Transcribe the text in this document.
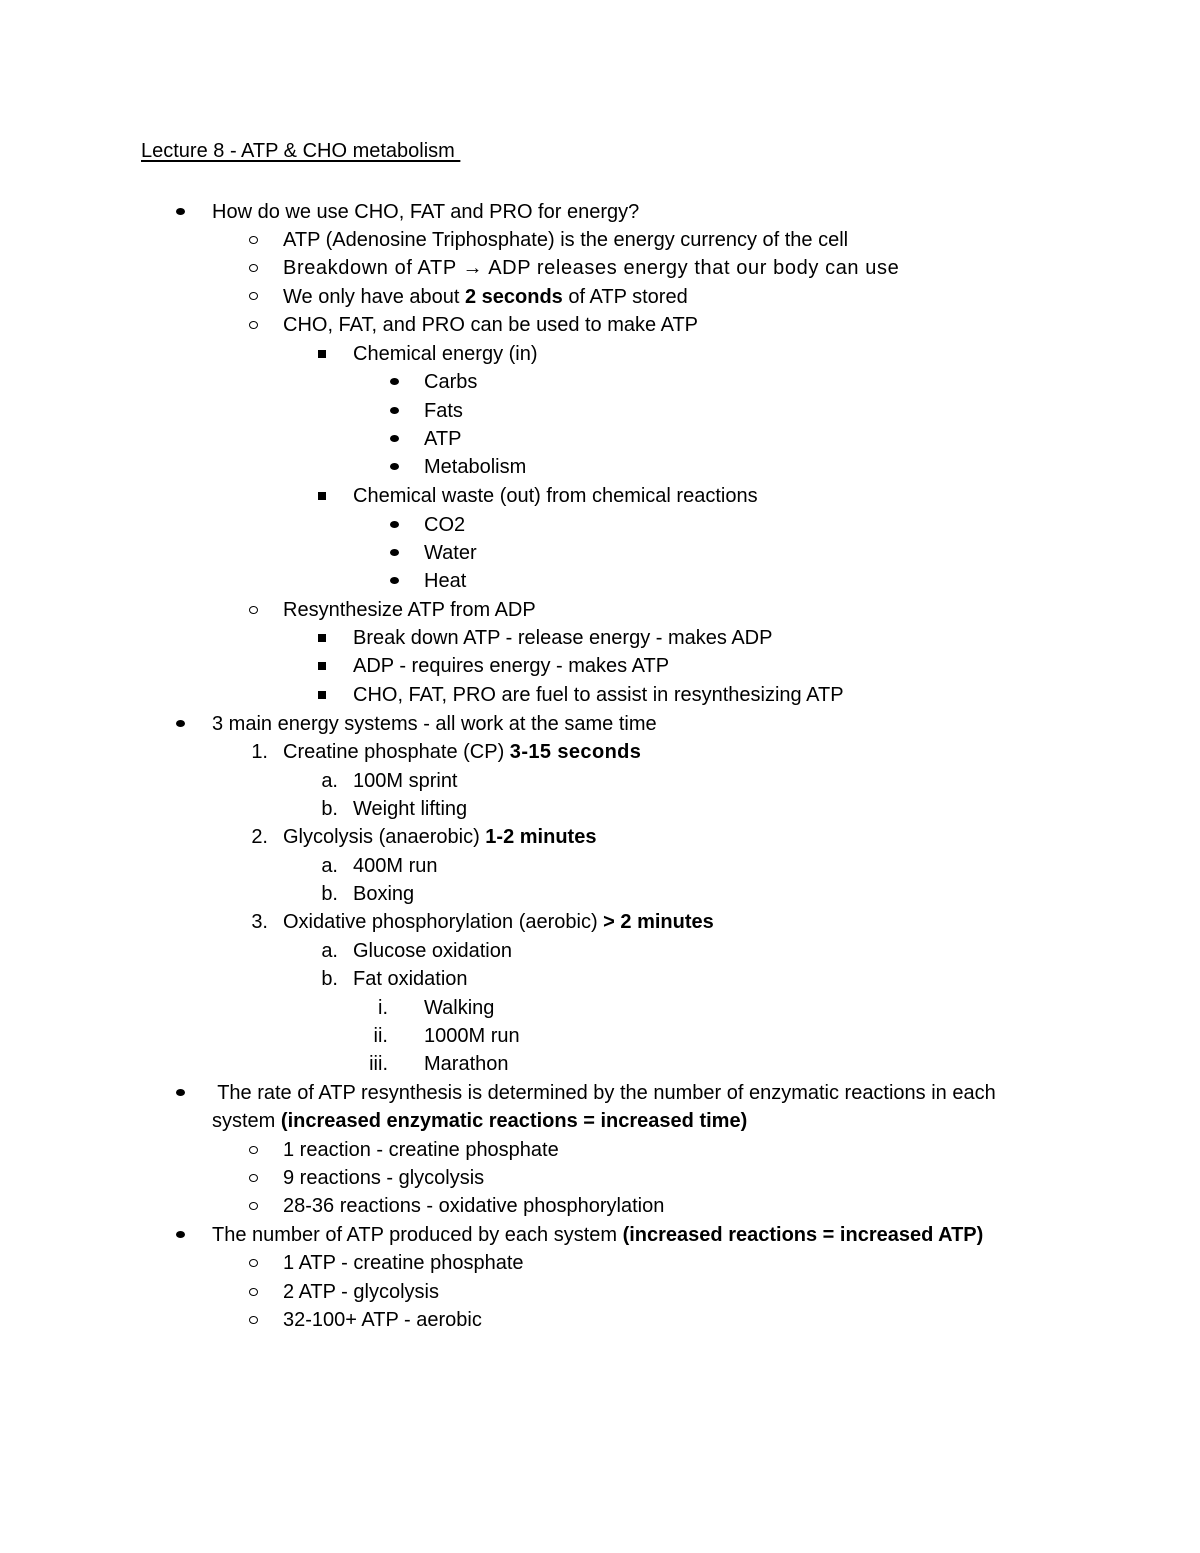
Lecture 8 - ATP & CHO metabolism
How do we use CHO, FAT and PRO for energy?
ATP (Adenosine Triphosphate) is the energy currency of the cell
Breakdown of ATP → ADP releases energy that our body can use
We only have about 2 seconds of ATP stored
CHO, FAT, and PRO can be used to make ATP
Chemical energy (in)
Carbs
Fats
ATP
Metabolism
Chemical waste (out) from chemical reactions
CO2
Water
Heat
Resynthesize ATP from ADP
Break down ATP - release energy - makes ADP
ADP - requires energy - makes ATP
CHO, FAT, PRO are fuel to assist in resynthesizing ATP
3 main energy systems - all work at the same time
1. Creatine phosphate (CP) 3-15 seconds
a. 100M sprint
b. Weight lifting
2. Glycolysis (anaerobic) 1-2 minutes
a. 400M run
b. Boxing
3. Oxidative phosphorylation (aerobic) > 2 minutes
a. Glucose oxidation
b. Fat oxidation
i. Walking
ii. 1000M run
iii. Marathon
The rate of ATP resynthesis is determined by the number of enzymatic reactions in each
system (increased enzymatic reactions = increased time)
1 reaction - creatine phosphate
9 reactions - glycolysis
28-36 reactions - oxidative phosphorylation
The number of ATP produced by each system (increased reactions = increased ATP)
1 ATP - creatine phosphate
2 ATP - glycolysis
32-100+ ATP - aerobic
